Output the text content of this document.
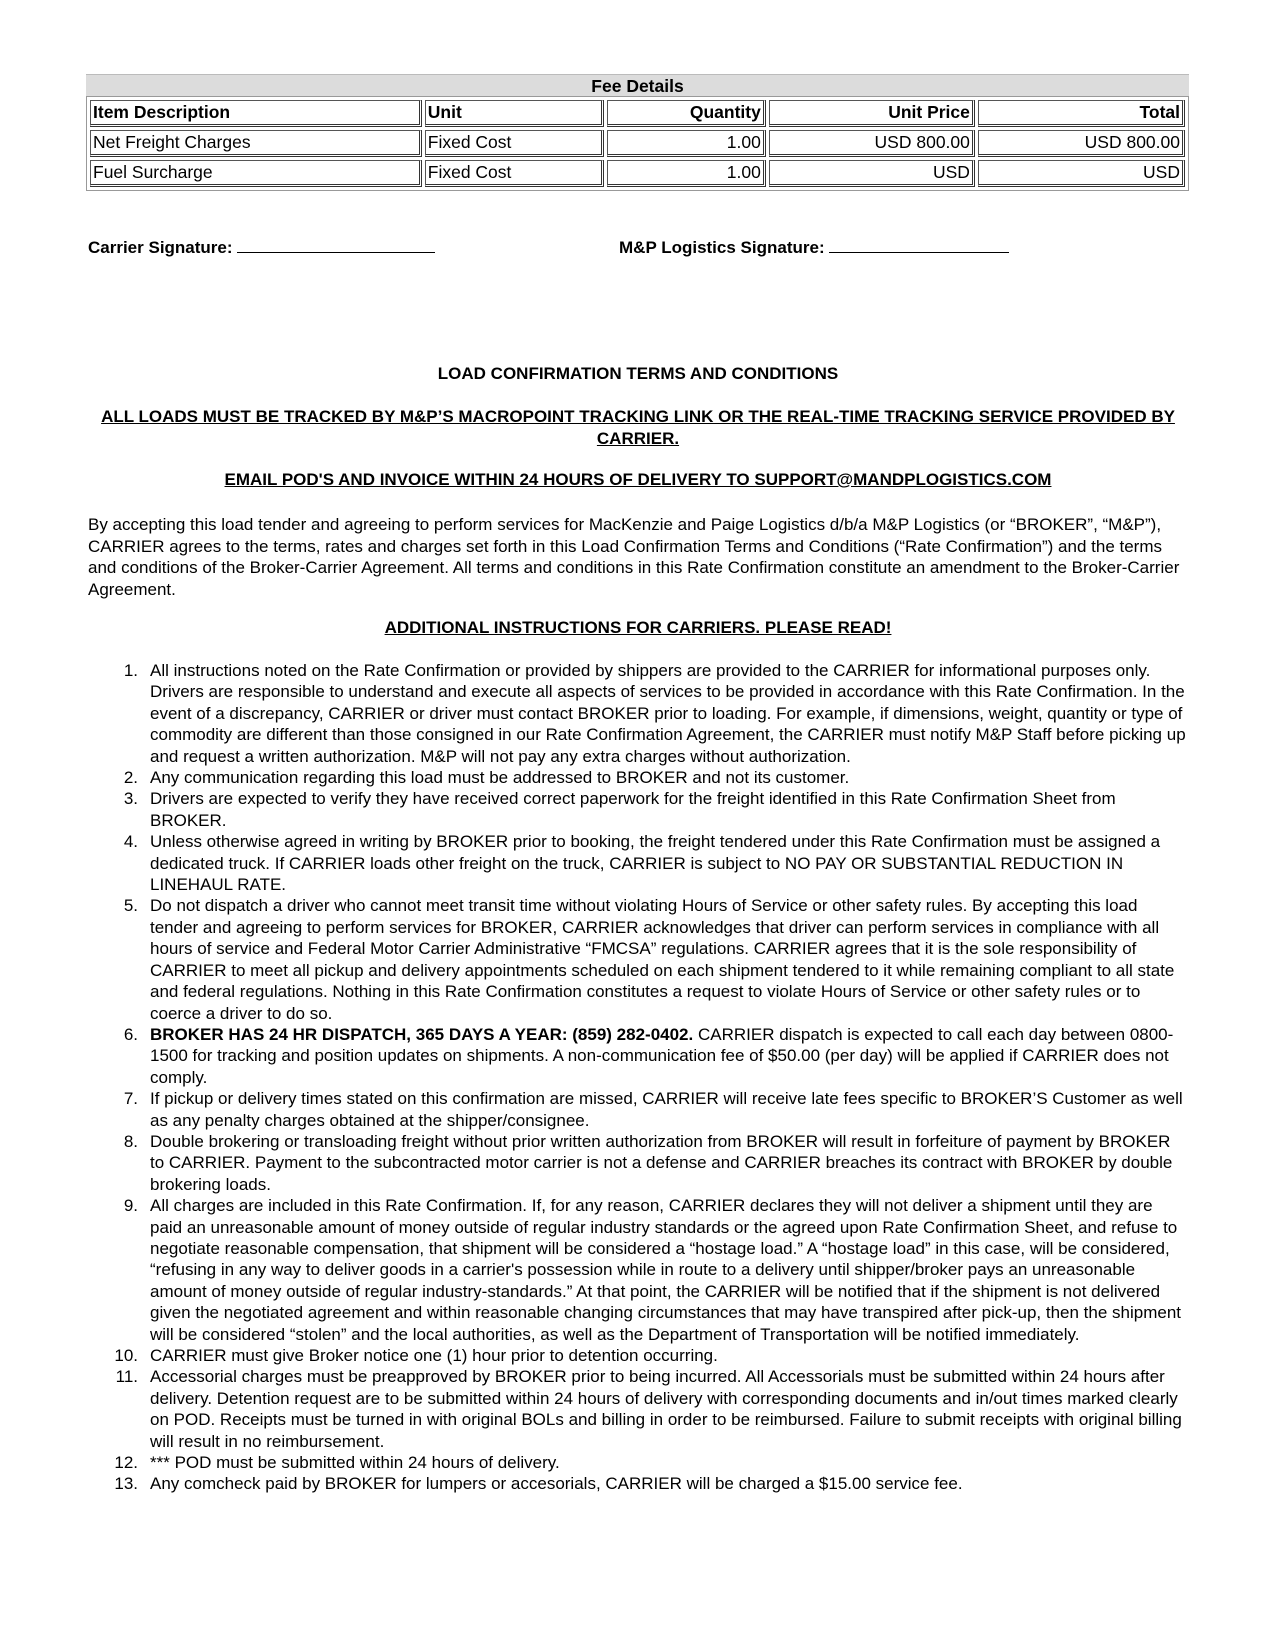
Fee Details
Item Description	Unit	Quantity	Unit Price	Total
Net Freight Charges	Fixed Cost	1.00	USD 800.00	USD 800.00
Fuel Surcharge	Fixed Cost	1.00	USD	USD
Carrier Signature:	M&P Logistics Signature:
LOAD CONFIRMATION TERMS AND CONDITIONS
ALL LOADS MUST BE TRACKED BY M&P’S MACROPOINT TRACKING LINK OR THE REAL-TIME TRACKING SERVICE PROVIDED BY CARRIER.
EMAIL POD'S AND INVOICE WITHIN 24 HOURS OF DELIVERY TO SUPPORT@MANDPLOGISTICS.COM
By accepting this load tender and agreeing to perform services for MacKenzie and Paige Logistics d/b/a M&P Logistics (or “BROKER”, “M&P”), CARRIER agrees to the terms, rates and charges set forth in this Load Confirmation Terms and Conditions (“Rate Confirmation”) and the terms and conditions of the Broker-Carrier Agreement. All terms and conditions in this Rate Confirmation constitute an amendment to the Broker-Carrier Agreement.
ADDITIONAL INSTRUCTIONS FOR CARRIERS. PLEASE READ!
1. All instructions noted on the Rate Confirmation or provided by shippers are provided to the CARRIER for informational purposes only. Drivers are responsible to understand and execute all aspects of services to be provided in accordance with this Rate Confirmation. In the event of a discrepancy, CARRIER or driver must contact BROKER prior to loading. For example, if dimensions, weight, quantity or type of commodity are different than those consigned in our Rate Confirmation Agreement, the CARRIER must notify M&P Staff before picking up and request a written authorization. M&P will not pay any extra charges without authorization.
2. Any communication regarding this load must be addressed to BROKER and not its customer.
3. Drivers are expected to verify they have received correct paperwork for the freight identified in this Rate Confirmation Sheet from BROKER.
4. Unless otherwise agreed in writing by BROKER prior to booking, the freight tendered under this Rate Confirmation must be assigned a dedicated truck. If CARRIER loads other freight on the truck, CARRIER is subject to NO PAY OR SUBSTANTIAL REDUCTION IN LINEHAUL RATE.
5. Do not dispatch a driver who cannot meet transit time without violating Hours of Service or other safety rules. By accepting this load tender and agreeing to perform services for BROKER, CARRIER acknowledges that driver can perform services in compliance with all hours of service and Federal Motor Carrier Administrative “FMCSA” regulations. CARRIER agrees that it is the sole responsibility of CARRIER to meet all pickup and delivery appointments scheduled on each shipment tendered to it while remaining compliant to all state and federal regulations. Nothing in this Rate Confirmation constitutes a request to violate Hours of Service or other safety rules or to coerce a driver to do so.
6. BROKER HAS 24 HR DISPATCH, 365 DAYS A YEAR: (859) 282-0402. CARRIER dispatch is expected to call each day between 0800-1500 for tracking and position updates on shipments. A non-communication fee of $50.00 (per day) will be applied if CARRIER does not comply.
7. If pickup or delivery times stated on this confirmation are missed, CARRIER will receive late fees specific to BROKER’S Customer as well as any penalty charges obtained at the shipper/consignee.
8. Double brokering or transloading freight without prior written authorization from BROKER will result in forfeiture of payment by BROKER to CARRIER. Payment to the subcontracted motor carrier is not a defense and CARRIER breaches its contract with BROKER by double brokering loads.
9. All charges are included in this Rate Confirmation. If, for any reason, CARRIER declares they will not deliver a shipment until they are paid an unreasonable amount of money outside of regular industry standards or the agreed upon Rate Confirmation Sheet, and refuse to negotiate reasonable compensation, that shipment will be considered a “hostage load.” A “hostage load” in this case, will be considered, “refusing in any way to deliver goods in a carrier's possession while in route to a delivery until shipper/broker pays an unreasonable amount of money outside of regular industry-standards.” At that point, the CARRIER will be notified that if the shipment is not delivered given the negotiated agreement and within reasonable changing circumstances that may have transpired after pick-up, then the shipment will be considered “stolen” and the local authorities, as well as the Department of Transportation will be notified immediately.
10. CARRIER must give Broker notice one (1) hour prior to detention occurring.
11. Accessorial charges must be preapproved by BROKER prior to being incurred. All Accessorials must be submitted within 24 hours after delivery. Detention request are to be submitted within 24 hours of delivery with corresponding documents and in/out times marked clearly on POD. Receipts must be turned in with original BOLs and billing in order to be reimbursed. Failure to submit receipts with original billing will result in no reimbursement.
12. *** POD must be submitted within 24 hours of delivery.
13. Any comcheck paid by BROKER for lumpers or accesorials, CARRIER will be charged a $15.00 service fee.
